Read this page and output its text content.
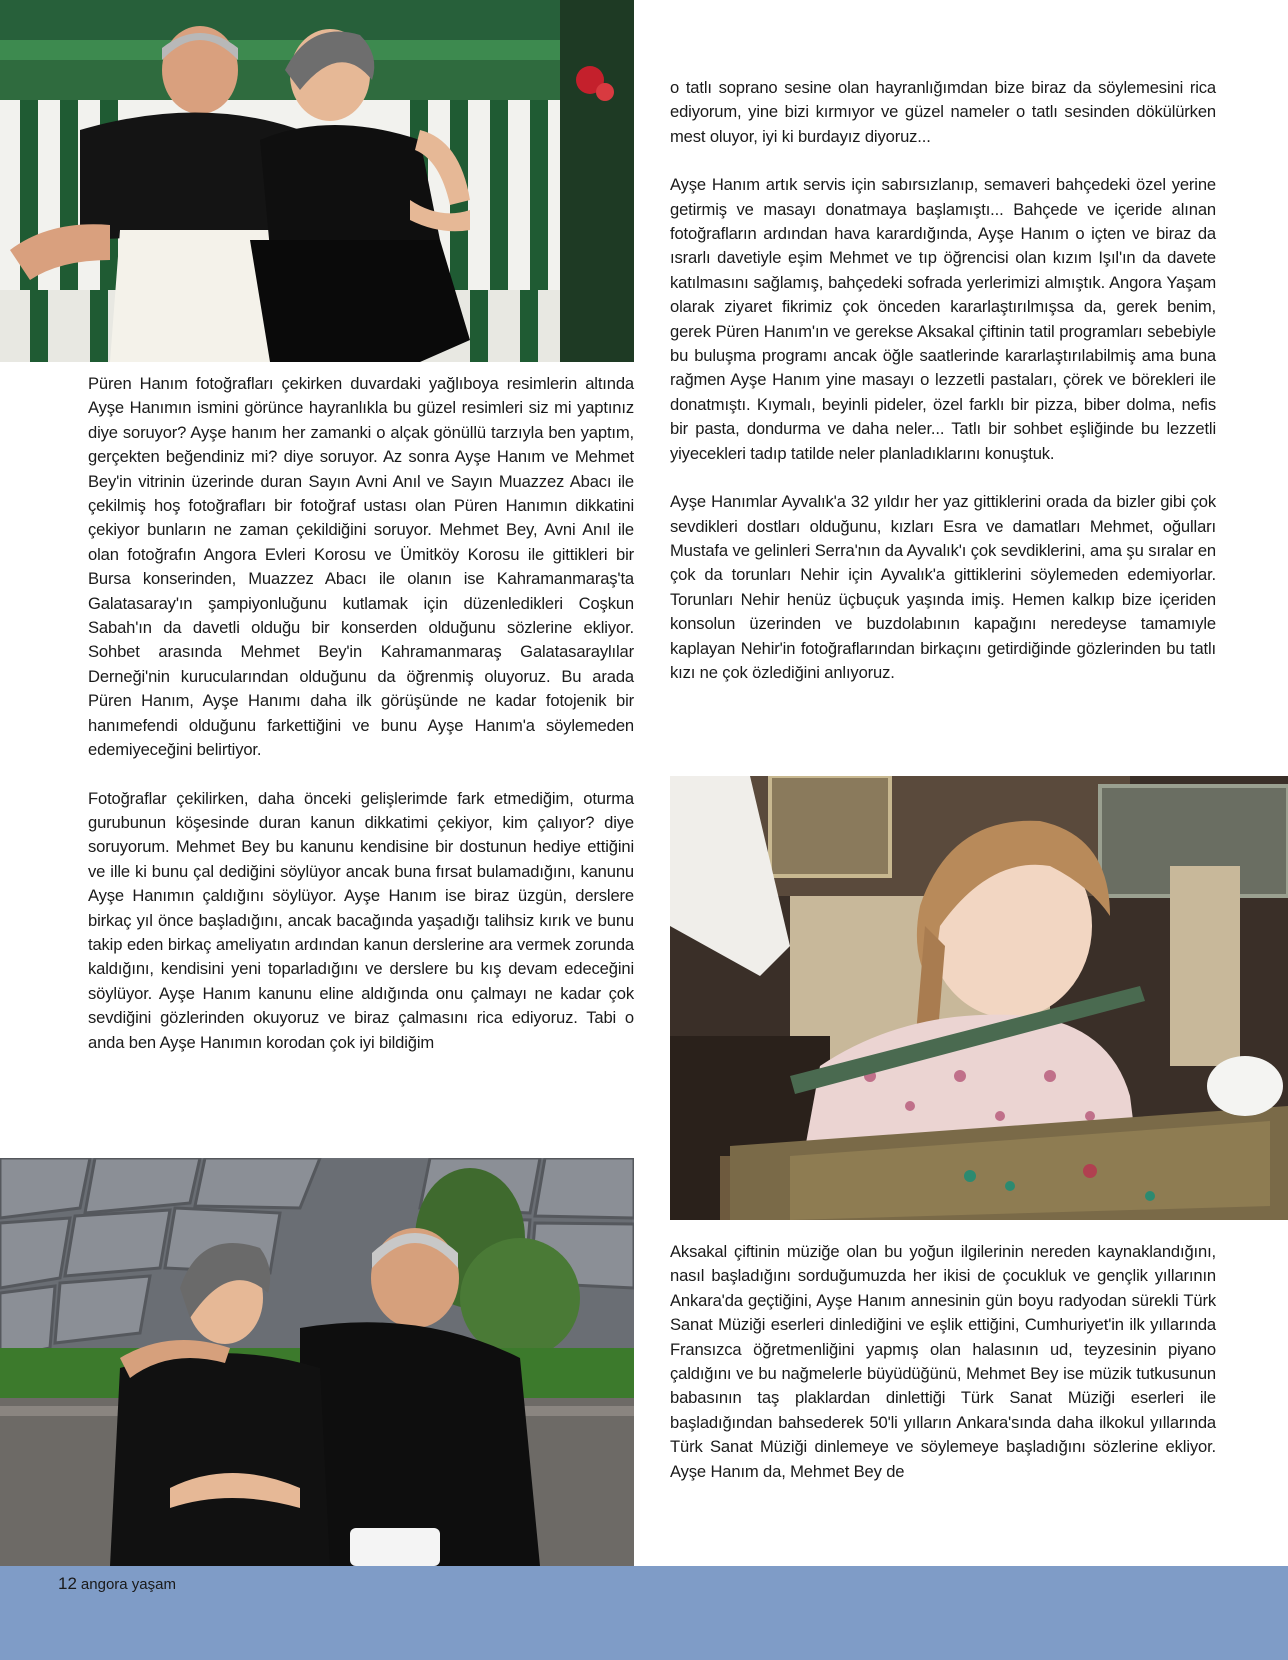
Püren Hanım fotoğrafları çekirken duvardaki yağlıboya resimlerin altında Ayşe Hanımın ismini görünce hayranlıkla bu güzel resimleri siz mi yaptınız diye soruyor? Ayşe hanım her zamanki o alçak gönüllü tarzıyla ben yaptım, gerçekten beğendiniz mi? diye soruyor. Az sonra Ayşe Hanım ve Mehmet Bey'in vitrinin üzerinde duran Sayın Avni Anıl ve Sayın Muazzez Abacı ile çekilmiş hoş fotoğrafları bir fotoğraf ustası olan Püren Hanımın dikkatini çekiyor bunların ne zaman çekildiğini soruyor. Mehmet Bey, Avni Anıl ile olan fotoğrafın Angora Evleri Korosu ve Ümitköy Korosu ile gittikleri bir Bursa konserinden, Muazzez Abacı ile olanın ise Kahramanmaraş'ta Galatasaray'ın şampiyonluğunu kutlamak için düzenledikleri Coşkun Sabah'ın da davetli olduğu bir konserden olduğunu sözlerine ekliyor. Sohbet arasında Mehmet Bey'in Kahramanmaraş Galatasaraylılar Derneği'nin kurucularından olduğunu da öğrenmiş oluyoruz. Bu arada Püren Hanım, Ayşe Hanımı daha ilk görüşünde ne kadar fotojenik bir hanımefendi olduğunu farkettiğini ve bunu Ayşe Hanım'a söylemeden edemiyeceğini belirtiyor.

Fotoğraflar çekilirken, daha önceki gelişlerimde fark etmediğim, oturma gurubunun köşesinde duran kanun dikkatimi çekiyor, kim çalıyor? diye soruyorum. Mehmet Bey bu kanunu kendisine bir dostunun hediye ettiğini ve ille ki bunu çal dediğini söylüyor ancak buna fırsat bulamadığını, kanunu Ayşe Hanımın çaldığını söylüyor. Ayşe Hanım ise biraz üzgün, derslere birkaç yıl önce başladığını, ancak bacağında yaşadığı talihsiz kırık ve bunu takip eden birkaç ameliyatın ardından kanun derslerine ara vermek zorunda kaldığını, kendisini yeni toparladığını ve derslere bu kış devam edeceğini söylüyor. Ayşe Hanım kanunu eline aldığında onu çalmayı ne kadar çok sevdiğini gözlerinden okuyoruz ve biraz çalmasını rica ediyoruz. Tabi o anda ben Ayşe Hanımın korodan çok iyi bildiğim

o tatlı soprano sesine olan hayranlığımdan bize biraz da söylemesini rica ediyorum, yine bizi kırmıyor ve güzel nameler o tatlı sesinden dökülürken mest oluyor, iyi ki burdayız diyoruz...

Ayşe Hanım artık servis için sabırsızlanıp, semaveri bahçedeki özel yerine getirmiş ve masayı donatmaya başlamıştı... Bahçede ve içeride alınan fotoğrafların ardından hava karardığında, Ayşe Hanım o içten ve biraz da ısrarlı davetiyle eşim Mehmet ve tıp öğrencisi olan kızım Işıl'ın da davete katılmasını sağlamış, bahçedeki sofrada yerlerimizi almıştık. Angora Yaşam olarak ziyaret fikrimiz çok önceden kararlaştırılmışsa da, gerek benim, gerek Püren Hanım'ın ve gerekse Aksakal çiftinin tatil programları sebebiyle bu buluşma programı ancak öğle saatlerinde kararlaştırılabilmiş ama buna rağmen Ayşe Hanım yine masayı o lezzetli pastaları, çörek ve börekleri ile donatmıştı. Kıymalı, beyinli pideler, özel farklı bir pizza, biber dolma, nefis bir pasta, dondurma ve daha neler... Tatlı bir sohbet eşliğinde bu lezzetli yiyecekleri tadıp tatilde neler planladıklarını konuştuk.

Ayşe Hanımlar Ayvalık'a 32 yıldır her yaz gittiklerini orada da bizler gibi çok sevdikleri dostları olduğunu, kızları Esra ve damatları Mehmet, oğulları Mustafa ve gelinleri Serra'nın da Ayvalık'ı çok sevdiklerini, ama şu sıralar en çok da torunları Nehir için Ayvalık'a gittiklerini söylemeden edemiyorlar. Torunları Nehir henüz üçbuçuk yaşında imiş. Hemen kalkıp bize içeriden konsolun üzerinden ve buzdolabının kapağını neredeyse tamamıyle kaplayan Nehir'in fotoğraflarından birkaçını getirdiğinde gözlerinden bu tatlı kızı ne çok özlediğini anlıyoruz.

Aksakal çiftinin müziğe olan bu yoğun ilgilerinin nereden kaynaklandığını, nasıl başladığını sorduğumuzda her ikisi de çocukluk ve gençlik yıllarının Ankara'da geçtiğini, Ayşe Hanım annesinin gün boyu radyodan sürekli Türk Sanat Müziği eserleri dinlediğini ve eşlik ettiğini, Cumhuriyet'in ilk yıllarında Fransızca öğretmenliğini yapmış olan halasının ud, teyzesinin piyano çaldığını ve bu nağmelerle büyüdüğünü, Mehmet Bey ise müzik tutkusunun babasının taş plaklardan dinlettiği Türk Sanat Müziği eserleri ile başladığından bahsederek 50'li yılların Ankara'sında daha ilkokul yıllarında Türk Sanat Müziği dinlemeye ve söylemeye başladığını sözlerine ekliyor. Ayşe Hanım da, Mehmet Bey de

12 angora yaşam
